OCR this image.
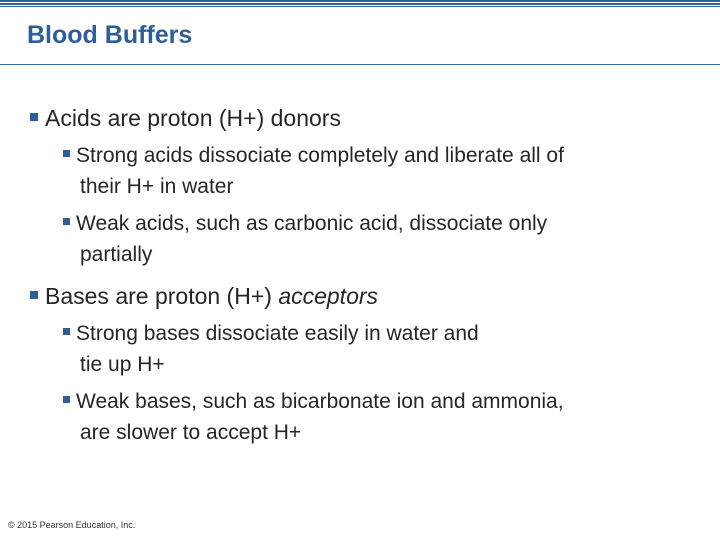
Blood Buffers
Acids are proton (H+) donors
Strong acids dissociate completely and liberate all of
their H+ in water
Weak acids, such as carbonic acid, dissociate only
partially
Bases are proton (H+) acceptors
Strong bases dissociate easily in water and
tie up H+
Weak bases, such as bicarbonate ion and ammonia,
are slower to accept H+
© 2015 Pearson Education, Inc.
